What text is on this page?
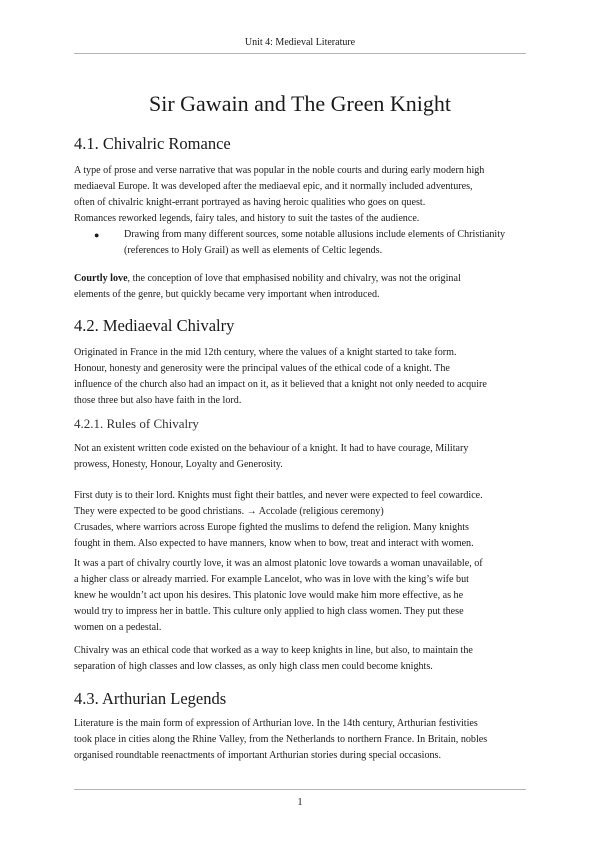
Unit 4: Medieval Literature
Sir Gawain and The Green Knight
4.1. Chivalric Romance
A type of prose and verse narrative that was popular in the noble courts and during early modern high
mediaeval Europe. It was developed after the mediaeval epic, and it normally included adventures,
often of chivalric knight-errant portrayed as having heroic qualities who goes on quest.
Romances reworked legends, fairy tales, and history to suit the tastes of the audience.
●	Drawing from many different sources, some notable allusions include elements of Christianity
(references to Holy Grail) as well as elements of Celtic legends.
Courtly love, the conception of love that emphasised nobility and chivalry, was not the original
elements of the genre, but quickly became very important when introduced.
4.2. Mediaeval Chivalry
Originated in France in the mid 12th century, where the values of a knight started to take form.
Honour, honesty and generosity were the principal values of the ethical code of a knight. The
influence of the church also had an impact on it, as it believed that a knight not only needed to acquire
those three but also have faith in the lord.
4.2.1. Rules of Chivalry
Not an existent written code existed on the behaviour of a knight. It had to have courage, Military
prowess, Honesty, Honour, Loyalty and Generosity.
First duty is to their lord. Knights must fight their battles, and never were expected to feel cowardice.
They were expected to be good christians. → Accolade (religious ceremony)
Crusades, where warriors across Europe fighted the muslims to defend the religion. Many knights
fought in them. Also expected to have manners, know when to bow, treat and interact with women.
It was a part of chivalry courtly love, it was an almost platonic love towards a woman unavailable, of
a higher class or already married. For example Lancelot, who was in love with the king’s wife but
knew he wouldn’t act upon his desires. This platonic love would make him more effective, as he
would try to impress her in battle. This culture only applied to high class women. They put these
women on a pedestal.
Chivalry was an ethical code that worked as a way to keep knights in line, but also, to maintain the
separation of high classes and low classes, as only high class men could become knights.
4.3. Arthurian Legends
Literature is the main form of expression of Arthurian love. In the 14th century, Arthurian festivities
took place in cities along the Rhine Valley, from the Netherlands to northern France. In Britain, nobles
organised roundtable reenactments of important Arthurian stories during special occasions.
1
